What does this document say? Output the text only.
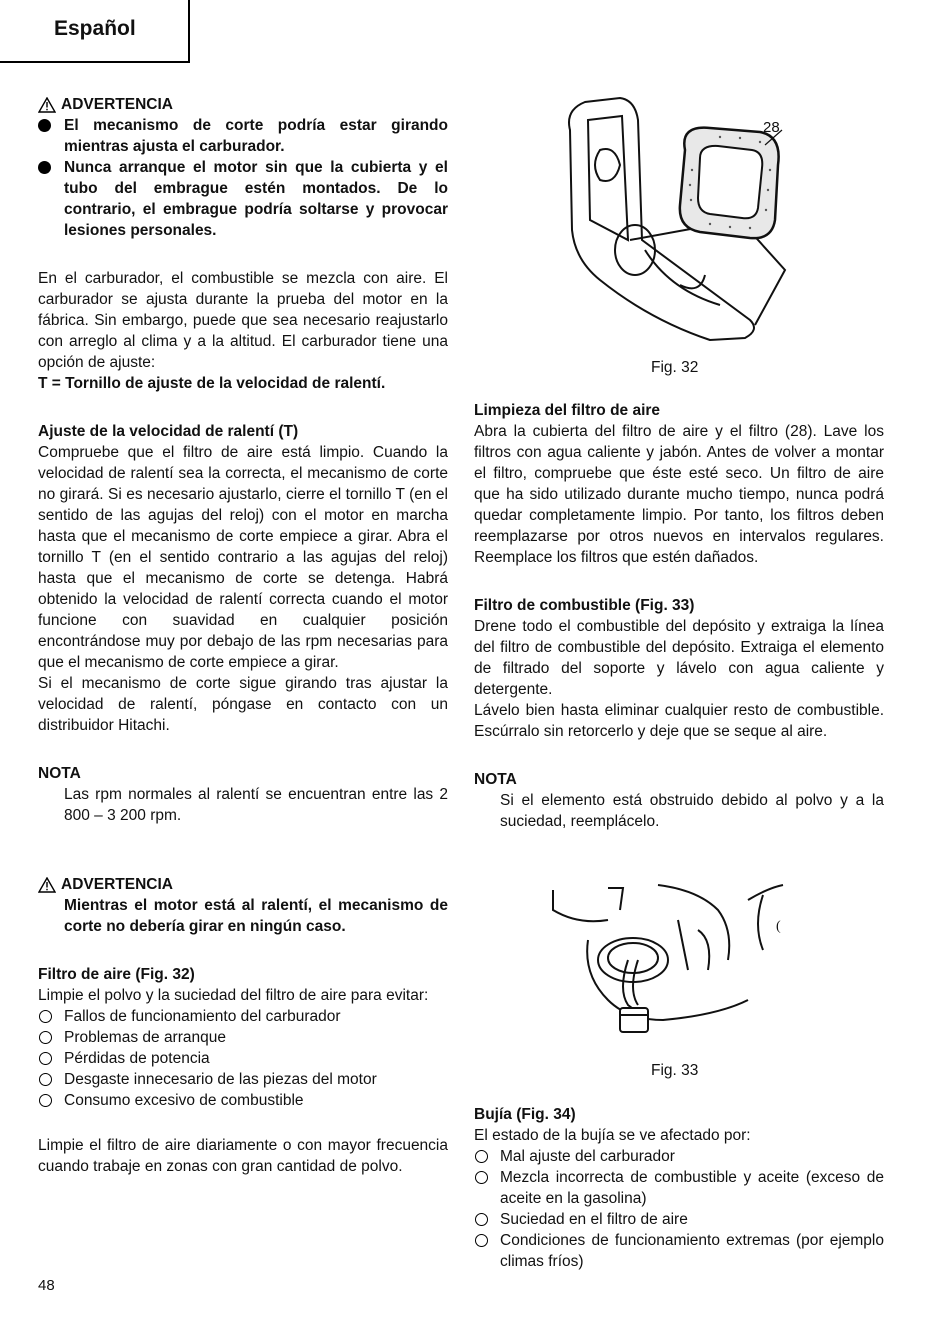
Español
ADVERTENCIA
El mecanismo de corte podría estar girando mientras ajusta el carburador.
Nunca arranque el motor sin que la cubierta y el tubo del embrague estén montados. De lo contrario, el embrague podría soltarse y provocar lesiones personales.

En el carburador, el combustible se mezcla con aire. El carburador se ajusta durante la prueba del motor en la fábrica. Sin embargo, puede que sea necesario reajustarlo con arreglo al clima y a la altitud. El carburador tiene una opción de ajuste:

T = Tornillo de ajuste de la velocidad de ralentí.

Ajuste de la velocidad de ralentí (T)

Compruebe que el filtro de aire está limpio. Cuando la velocidad de ralentí sea la correcta, el mecanismo de corte no girará. Si es necesario ajustarlo, cierre el tornillo T (en el sentido de las agujas del reloj) con el motor en marcha hasta que el mecanismo de corte empiece a girar. Abra el tornillo T (en el sentido contrario a las agujas del reloj) hasta que el mecanismo de corte se detenga. Habrá obtenido la velocidad de ralentí correcta cuando el motor funcione con suavidad en cualquier posición encontrándose muy por debajo de las rpm necesarias para que el mecanismo de corte empiece a girar.

Si el mecanismo de corte sigue girando tras ajustar la velocidad de ralentí, póngase en contacto con un distribuidor Hitachi.

NOTA

Las rpm normales al ralentí se encuentran entre las 2 800 – 3 200 rpm.

ADVERTENCIA

Mientras el motor está al ralentí, el mecanismo de corte no debería girar en ningún caso.

Filtro de aire (Fig. 32)

Limpie el polvo y la suciedad del filtro de aire para evitar:

Fallos de funcionamiento del carburador
Problemas de arranque
Pérdidas de potencia
Desgaste innecesario de las piezas del motor
Consumo excesivo de combustible

Limpie el filtro de aire diariamente o con mayor frecuencia cuando trabaje en zonas con gran cantidad de polvo.

28
Fig. 32
Limpieza del filtro de aire

Abra la cubierta del filtro de aire y el filtro (28). Lave los filtros con agua caliente y jabón. Antes de volver a montar el filtro, compruebe que éste esté seco. Un filtro de aire que ha sido utilizado durante mucho tiempo, nunca podrá quedar completamente limpio. Por tanto, los filtros deben reemplazarse por otros nuevos en intervalos regulares. Reemplace los filtros que estén dañados.

Filtro de combustible (Fig. 33)

Drene todo el combustible del depósito y extraiga la línea del filtro de combustible del depósito. Extraiga el elemento de filtrado del soporte y lávelo con agua caliente y detergente.

Lávelo bien hasta eliminar cualquier resto de combustible. Escúrralo sin retorcerlo y deje que se seque al aire.

NOTA

Si el elemento está obstruido debido al polvo y a la suciedad, reemplácelo.

(
Fig. 33
Bujía (Fig. 34)

El estado de la bujía se ve afectado por:

Mal ajuste del carburador
Mezcla incorrecta de combustible y aceite (exceso de aceite en la gasolina)
Suciedad en el filtro de aire
Condiciones de funcionamiento extremas (por ejemplo climas fríos)
48
